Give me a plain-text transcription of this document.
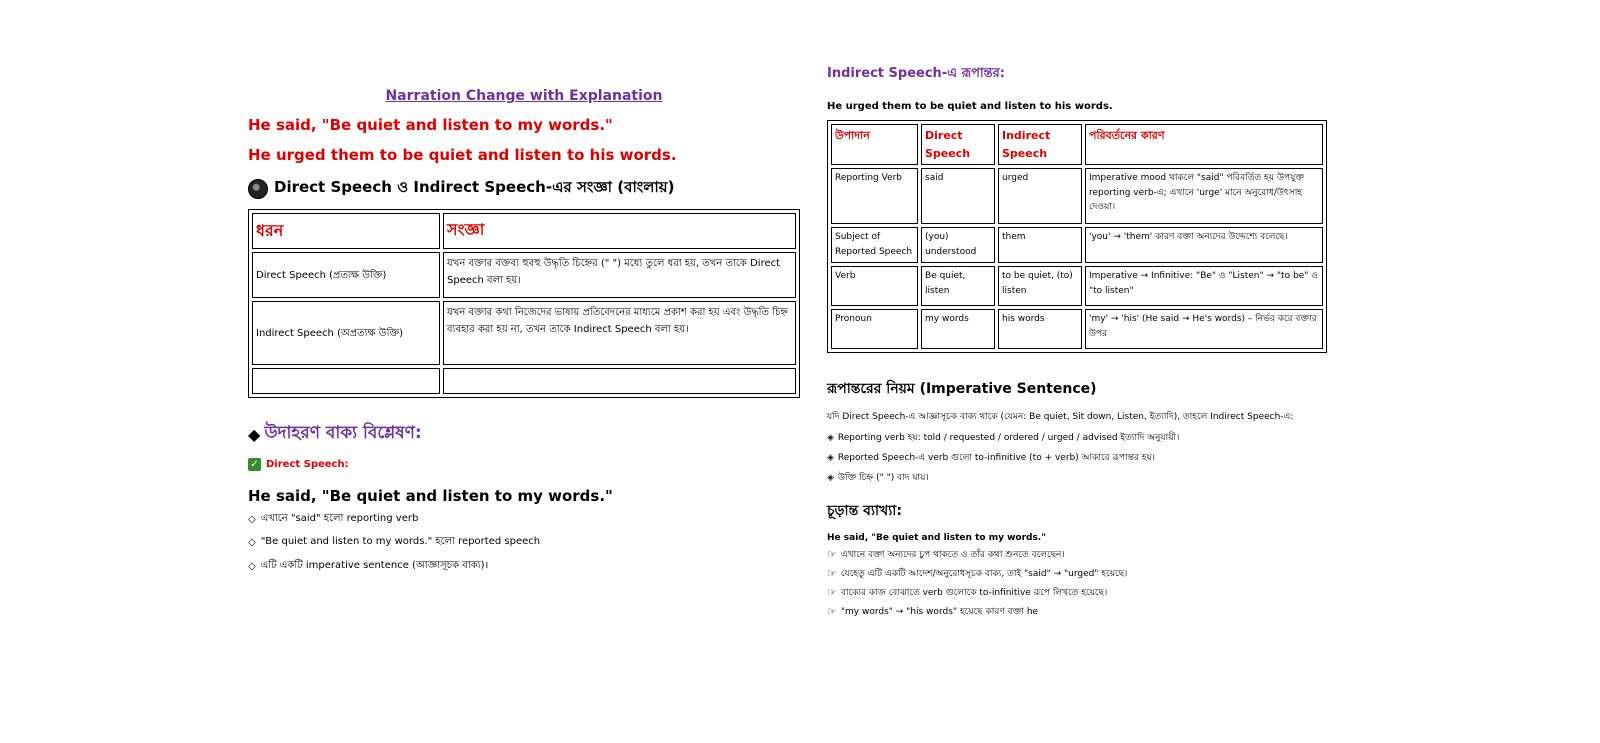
Narration Change with Explanation
He said, "Be quiet and listen to my words."
He urged them to be quiet and listen to his words.
Direct Speech ও Indirect Speech-এর সংজ্ঞা (বাংলায়)
ধরন	সংজ্ঞা
Direct Speech (প্রত্যক্ষ উক্তি)	যখন বক্তার বক্তব্য হুবহু উদ্ধৃতি চিহ্নের (" ") মধ্যে তুলে ধরা হয়, তখন তাকে Direct Speech বলা হয়।
Indirect Speech (অপ্রত্যক্ষ উক্তি)	যখন বক্তার কথা নিজেদের ভাষায় প্রতিবেদনের মাধ্যমে প্রকাশ করা হয় এবং উদ্ধৃতি চিহ্ন ব্যবহার করা হয় না, তখন তাকে Indirect Speech বলা হয়।

◆ উদাহরণ বাক্য বিশ্লেষণ:
✓ Direct Speech:
He said, "Be quiet and listen to my words."
◇ এখানে "said" হলো reporting verb
◇ "Be quiet and listen to my words." হলো reported speech
◇ এটি একটি imperative sentence (আজ্ঞাসূচক বাক্য)।
Indirect Speech-এ রূপান্তর:
He urged them to be quiet and listen to his words.
উপাদান	Direct Speech	Indirect Speech	পরিবর্তনের কারণ
Reporting Verb	said	urged	Imperative mood থাকলে "said" পরিবর্তিত হয় উপযুক্ত reporting verb-এ; এখানে 'urge' মানে অনুরোধ/উৎসাহ দেওয়া।
Subject of Reported Speech	(you) understood	them	'you' → 'them' কারণ বক্তা অন্যদের উদ্দেশ্যে বলেছে।
Verb	Be quiet, listen	to be quiet, (to) listen	Imperative → Infinitive: "Be" ও "Listen" → "to be" ও "to listen"
Pronoun	my words	his words	'my' → 'his' (He said → He's words) – নির্ভর করে বক্তার উপর
রূপান্তরের নিয়ম (Imperative Sentence)
যদি Direct Speech-এ আজ্ঞাসূচক বাক্য থাকে (যেমন: Be quiet, Sit down, Listen, ইত্যাদি), তাহলে Indirect Speech-এ:
◈ Reporting verb হয়: told / requested / ordered / urged / advised ইত্যাদি অনুযায়ী।
◈ Reported Speech-এ verb গুলো to-infinitive (to + verb) আকারে রূপান্তর হয়।
◈ উক্তি চিহ্ন (" ") বাদ যায়।
চূড়ান্ত ব্যাখ্যা:
He said, "Be quiet and listen to my words."
☞ এখানে বক্তা অন্যদের চুপ থাকতে ও তাঁর কথা শুনতে বলেছেন।
☞ যেহেতু এটি একটি আদেশ/অনুরোধসূচক বাক্য, তাই "said" → "urged" হয়েছে।
☞ বাক্যের কাজ বোঝাতে verb গুলোকে to-infinitive রূপে লিখতে হয়েছে।
☞ "my words" → "his words" হয়েছে কারণ বক্তা he
